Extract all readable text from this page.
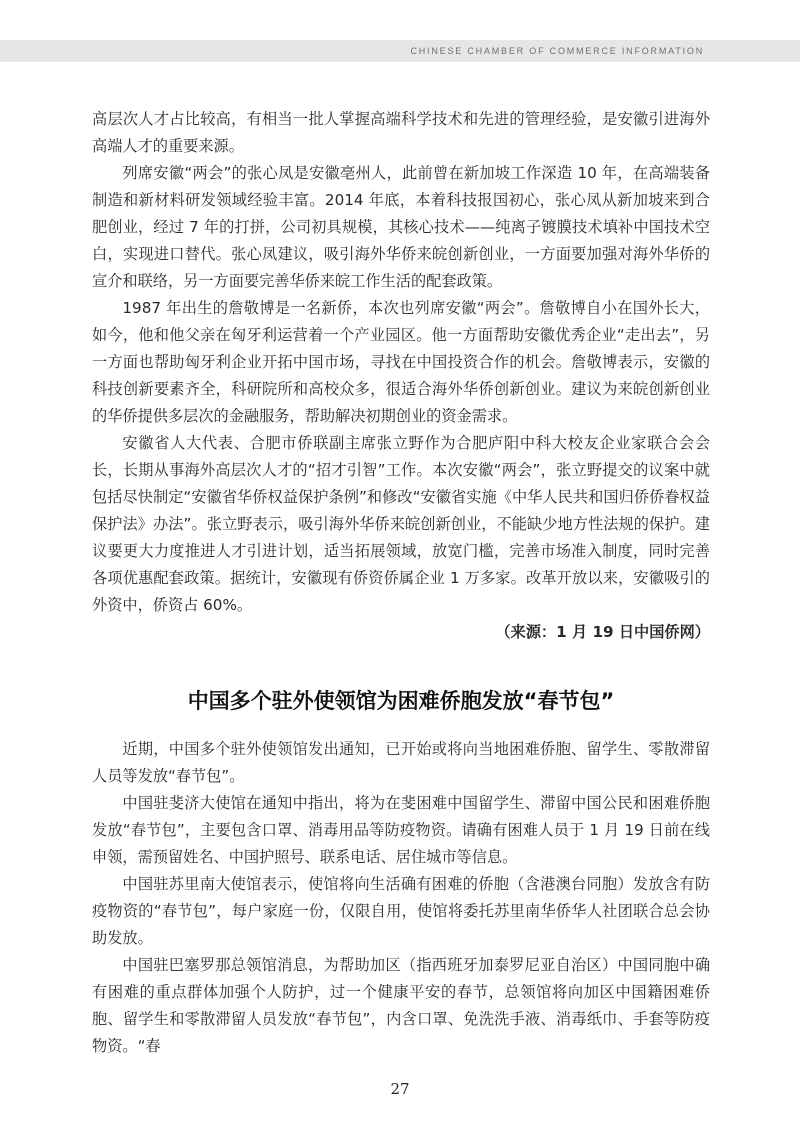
CHINESE CHAMBER OF COMMERCE INFORMATION

高层次人才占比较高，有相当一批人掌握高端科学技术和先进的管理经验，是安徽引进海外高端人才的重要来源。

列席安徽“两会”的张心凤是安徽亳州人，此前曾在新加坡工作深造 10 年，在高端装备制造和新材料研发领域经验丰富。2014 年底，本着科技报国初心，张心凤从新加坡来到合肥创业，经过 7 年的打拼，公司初具规模，其核心技术——纯离子镀膜技术填补中国技术空白，实现进口替代。张心凤建议，吸引海外华侨来皖创新创业，一方面要加强对海外华侨的宣介和联络，另一方面要完善华侨来皖工作生活的配套政策。

1987 年出生的詹敬博是一名新侨，本次也列席安徽“两会”。詹敬博自小在国外长大，如今，他和他父亲在匈牙利运营着一个产业园区。他一方面帮助安徽优秀企业“走出去”，另一方面也帮助匈牙利企业开拓中国市场，寻找在中国投资合作的机会。詹敬博表示，安徽的科技创新要素齐全，科研院所和高校众多，很适合海外华侨创新创业。建议为来皖创新创业的华侨提供多层次的金融服务，帮助解决初期创业的资金需求。

安徽省人大代表、合肥市侨联副主席张立野作为合肥庐阳中科大校友企业家联合会会长，长期从事海外高层次人才的“招才引智”工作。本次安徽“两会”，张立野提交的议案中就包括尽快制定“安徽省华侨权益保护条例”和修改“安徽省实施《中华人民共和国归侨侨眷权益保护法》办法”。张立野表示，吸引海外华侨来皖创新创业，不能缺少地方性法规的保护。建议要更大力度推进人才引进计划，适当拓展领域，放宽门槛，完善市场准入制度，同时完善各项优惠配套政策。据统计，安徽现有侨资侨属企业 1 万多家。改革开放以来，安徽吸引的外资中，侨资占 60%。
（来源：1 月 19 日中国侨网）

中国多个驻外使领馆为困难侨胞发放“春节包”

近期，中国多个驻外使领馆发出通知，已开始或将向当地困难侨胞、留学生、零散滞留人员等发放“春节包”。

中国驻斐济大使馆在通知中指出，将为在斐困难中国留学生、滞留中国公民和困难侨胞发放“春节包”，主要包含口罩、消毒用品等防疫物资。请确有困难人员于 1 月 19 日前在线申领，需预留姓名、中国护照号、联系电话、居住城市等信息。

中国驻苏里南大使馆表示，使馆将向生活确有困难的侨胞（含港澳台同胞）发放含有防疫物资的“春节包”，每户家庭一份，仅限自用，使馆将委托苏里南华侨华人社团联合总会协助发放。

中国驻巴塞罗那总领馆消息，为帮助加区（指西班牙加泰罗尼亚自治区）中国同胞中确有困难的重点群体加强个人防护，过一个健康平安的春节，总领馆将向加区中国籍困难侨胞、留学生和零散滞留人员发放“春节包”，内含口罩、免洗洗手液、消毒纸巾、手套等防疫物资。“春

27
